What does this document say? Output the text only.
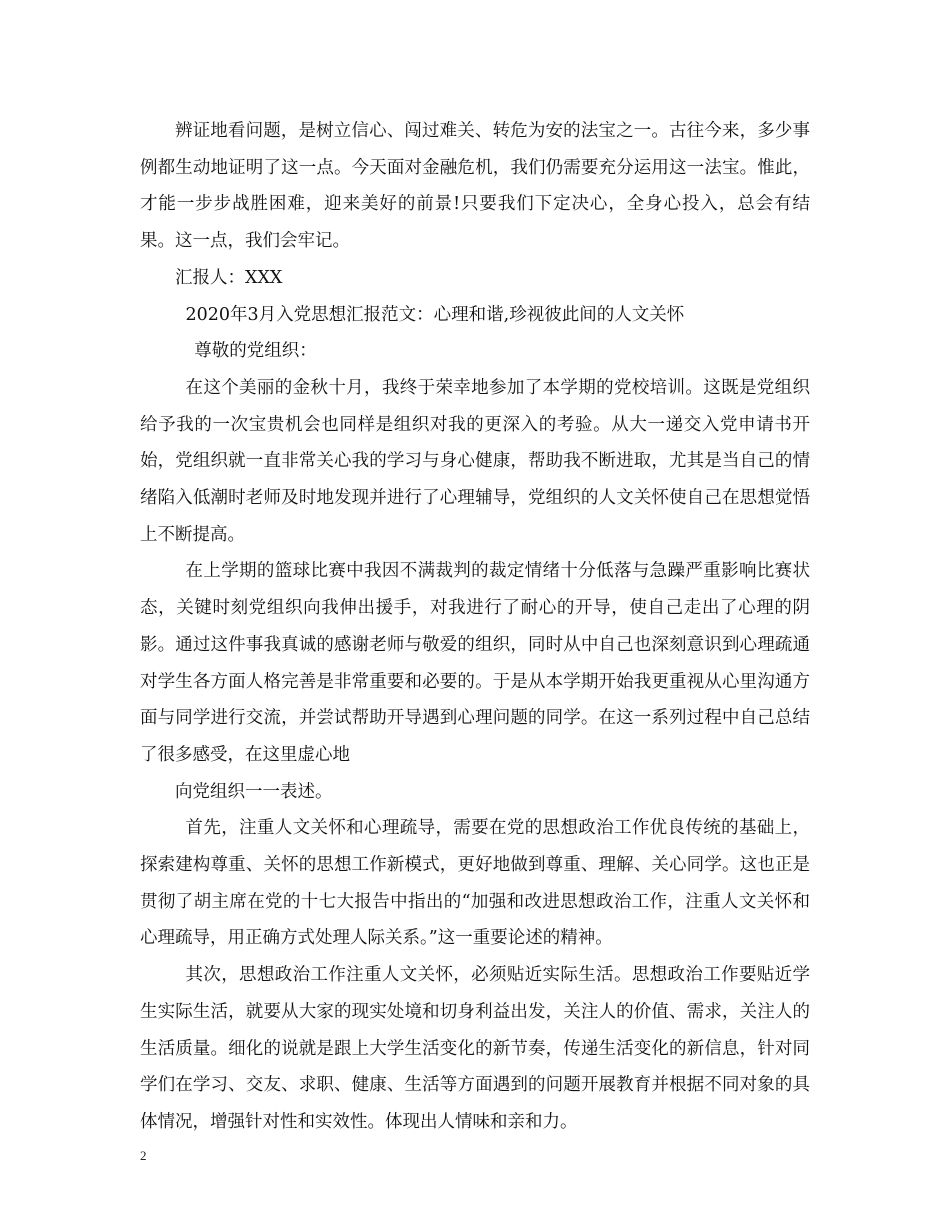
辨证地看问题，是树立信心、闯过难关、转危为安的法宝之一。古往今来，多少事例都生动地证明了这一点。今天面对金融危机，我们仍需要充分运用这一法宝。惟此，才能一步步战胜困难，迎来美好的前景!只要我们下定决心，全身心投入，总会有结果。这一点，我们会牢记。

汇报人：XXX

2020年3月入党思想汇报范文：心理和谐,珍视彼此间的人文关怀

尊敬的党组织：

在这个美丽的金秋十月，我终于荣幸地参加了本学期的党校培训。这既是党组织给予我的一次宝贵机会也同样是组织对我的更深入的考验。从大一递交入党申请书开始，党组织就一直非常关心我的学习与身心健康，帮助我不断进取，尤其是当自己的情绪陷入低潮时老师及时地发现并进行了心理辅导，党组织的人文关怀使自己在思想觉悟上不断提高。

在上学期的篮球比赛中我因不满裁判的裁定情绪十分低落与急躁严重影响比赛状态，关键时刻党组织向我伸出援手，对我进行了耐心的开导，使自己走出了心理的阴影。通过这件事我真诚的感谢老师与敬爱的组织，同时从中自己也深刻意识到心理疏通对学生各方面人格完善是非常重要和必要的。于是从本学期开始我更重视从心里沟通方面与同学进行交流，并尝试帮助开导遇到心理问题的同学。在这一系列过程中自己总结了很多感受，在这里虚心地

向党组织一一表述。

首先，注重人文关怀和心理疏导，需要在党的思想政治工作优良传统的基础上，探索建构尊重、关怀的思想工作新模式，更好地做到尊重、理解、关心同学。这也正是贯彻了胡主席在党的十七大报告中指出的“加强和改进思想政治工作，注重人文关怀和心理疏导，用正确方式处理人际关系。”这一重要论述的精神。

其次，思想政治工作注重人文关怀，必须贴近实际生活。思想政治工作要贴近学生实际生活，就要从大家的现实处境和切身利益出发，关注人的价值、需求，关注人的生活质量。细化的说就是跟上大学生活变化的新节奏，传递生活变化的新信息，针对同学们在学习、交友、求职、健康、生活等方面遇到的问题开展教育并根据不同对象的具体情况，增强针对性和实效性。体现出人情味和亲和力。

2
